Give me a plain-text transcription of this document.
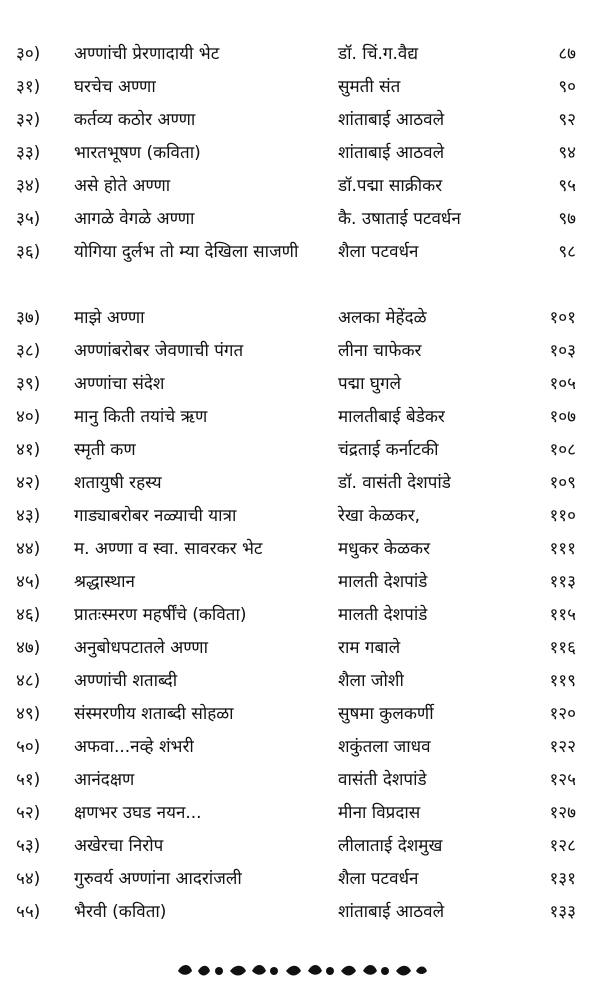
३०)	अण्णांची प्रेरणादायी भेट	डॉ. चिं.ग.वैद्य	८७
३१)	घरचेच अण्णा	सुमती संत	९०
३२)	कर्तव्य कठोर अण्णा	शांताबाई आठवले	९२
३३)	भारतभूषण (कविता)	शांताबाई आठवले	९४
३४)	असे होते अण्णा	डॉ.पद्मा साक्रीकर	९५
३५)	आगळे वेगळे अण्णा	कै. उषाताई पटवर्धन	९७
३६)	योगिया दुर्लभ तो म्या देखिला साजणी	शैला पटवर्धन	९८
३७)	माझे अण्णा	अलका मेहेंदळे	१०१
३८)	अण्णांबरोबर जेवणाची पंगत	लीना चाफेकर	१०३
३९)	अण्णांचा संदेश	पद्मा घुगले	१०५
४०)	मानु किती तयांचे ऋण	मालतीबाई बेडेकर	१०७
४१)	स्मृती कण	चंद्रताई कर्नाटकी	१०८
४२)	शतायुषी रहस्य	डॉ. वासंती देशपांडे	१०९
४३)	गाड्याबरोबर नळ्याची यात्रा	रेखा केळकर,	११०
४४)	म. अण्णा व स्वा. सावरकर भेट	मधुकर केळकर	१११
४५)	श्रद्धास्थान	मालती देशपांडे	११३
४६)	प्रातःस्मरण महर्षींचे (कविता)	मालती देशपांडे	११५
४७)	अनुबोधपटातले अण्णा	राम गबाले	११६
४८)	अण्णांची शताब्दी	शैला जोशी	११९
४९)	संस्मरणीय शताब्दी सोहळा	सुषमा कुलकर्णी	१२०
५०)	अफवा...नव्हे शंभरी	शकुंतला जाधव	१२२
५१)	आनंदक्षण	वासंती देशपांडे	१२५
५२)	क्षणभर उघड नयन...	मीना विप्रदास	१२७
५३)	अखेरचा निरोप	लीलाताई देशमुख	१२८
५४)	गुरुवर्य अण्णांना आदरांजली	शैला पटवर्धन	१३१
५५)	भैरवी (कविता)	शांताबाई आठवले	१३३
